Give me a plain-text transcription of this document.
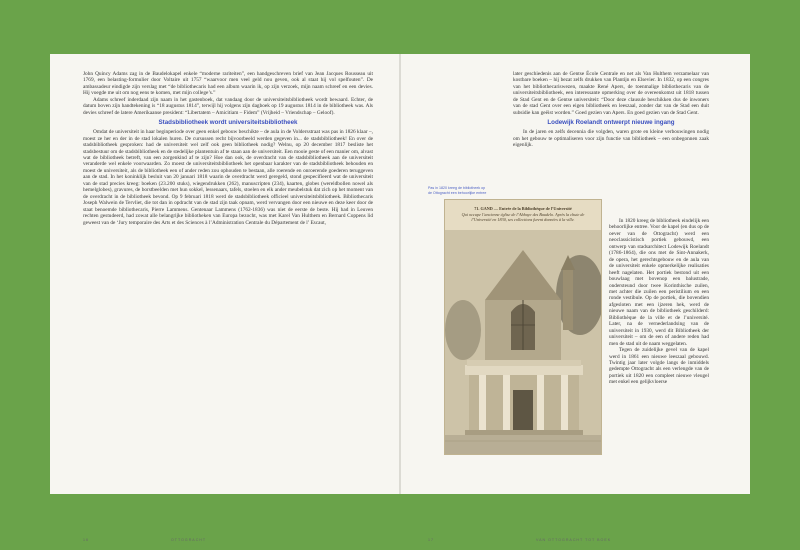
John Quincy Adams zag in de Baudelokapel enkele “moderne rariteiten”, een handgeschreven brief van Jean Jacques Rousseau uit 1769, een belasting-formulier door Voltaire uit 1757 “waarvoor men veel geld nou geven, ook al staat hij vol spelfouten”. De ambassadeur eindigde zijn verslag met “de bibliothecaris had een album waarin ik, op zijn verzoek, mijn naam schreef en een devies. Hij voegde me uit om nog eens te komen, met mijn college’s.”

Adams schreef inderdaad zijn naam in het gastenboek, dat vandaag door de universiteitsbibliotheek wordt bewaard. Echter, de datum boven zijn handtekening is “18 augustus 1814”, terwijl hij volgens zijn dagboek op 19 augustus 1814 in de bibliotheek was. Als devies schreef de latere Amerikaanse president: “Libertatem – Amicitiam – Fidem” (Vrijheid – Vriendschap – Geloof).

Stadsbibliotheek wordt universiteitsbibliotheek

Omdat de universiteit in haar beginperiode over geen enkel gebouw beschikte – de aula in de Voldersstraat was pas in 1826 klaar –, moest ze her en der in de stad lokalen huren. De cursussen recht bijvoorbeeld werden gegeven in... de stadsbibliotheek! En over de stadsbibliotheek gesproken: had de universiteit wel zelf ook geen bibliotheek nodig? Welnu, op 20 december 1817 besliste het stadsbestuur om de stadsbibliotheek en de stedelijke plantentuin af te staan aan de universiteit. Een mooie geste of een manier om, alvast wat de bibliotheek betreft, van een zorgenkind af te zijn? Hoe dan ook, de overdracht van de stadsbibliotheek aan de universiteit veranderde wel enkele voorwaarden. Zo moest de universiteitsbibliotheek het openbaar karakter van de stadsbibliotheek behouden en moest de universiteit, als de bibliotheek een of ander reden zou ophouden te bestaan, alle roerende en onroerende goederen teruggeven aan de stad. In het koninklijk besluit van 20 januari 1818 waarin de overdracht werd geregeld, stond gespecifieerd wat de universiteit van de stad precies kreeg: boeken (23.200 stuks), wiegendrukken (262), manuscripten (234), kaarten, globes (wereldbollen nowel als hemelglobes), gravures, de borstbeelden met hun sokkel, lessenaars, tafels, stoelen en elk ander meubelstuk dat zich op het moment van de overdracht in de bibliotheek bevond. Op 9 februari 1818 werd de stadsbibliotheek officieel universiteitsbibliotheek. Bibliothecaris Joseph Walwein de Tervliet, die tot dan in opdracht van de stad zijn taak opnam, werd vervangen door een nieuwe en deze keer door de staat benoemde bibliothecaris, Pierre Lammens. Gentenaar Lammens (1762-1836) was niet de eerste de beste. Hij had in Leuven rechten gestudeerd, had zowat alle belangrijke bibliotheken van Europa bezocht, was met Karel Van Hulthem en Bernard Coppens lid geweest van de ‘Jury temporaire des Arts et des Sciences à l’Administration Centrale du Département de l’ Escaut,

16	OTTOGRACHT

later geschiedenis aan de Gentse École Centrale en net als Van Hulthem verzamelaar van kostbare boeken – hij bezat zelfs drukken van Plantijn en Elsevier. In 1832, op een congres van het bibliothecariswezen, maakte René Apers, de toenmalige bibliothecaris van de universiteitsbibliotheek, een interessante opmerking over de overeenkomst uit 1818 tussen de Stad Gent en de Gentse universiteit: “Door deze clausule beschikken dus de inwoners van de stad Gent over een eigen bibliotheek en leeszaal, zonder dat van de Stad een duit subsidie kan geëist worden.” Goed gezien van Apers. En goed gezien van de Stad Gent.

Lodewijk Roelandt ontwerpt nieuwe ingang

In de jaren en zelfs decennia die volgden, waren grote en kleine verbouwingen nodig om het gebouw te optimaliseren voor zijn functie van bibliotheek – een onbegonnen zaak eigenlijk.

Pas in 1820 kreeg de bibliotheek op de Ottogracht een behoorlijke entree
71. GAND — Entrée de la Bibliothèque de l’Université
Qui occupe l’ancienne église de l’Abbaye des Baudelo. Après la chute de l’Université en 1830, ses collections furent données à la ville.	In 1820 kreeg de bibliotheek eindelijk een behoorlijke entree. Voor de kapel (en dus op de oever van de Ottogracht) werd een neoclassicistisch portiek gebouwd, een ontwerp van stadsarchitect Lodewijk Roelandt (1786-1864), die ons met de Sint-Annakerk, de opera, het gerechtsgebouw en de aula van de universiteit enkele opmerkelijke realisaties heeft nagelaten. Het portiek bestond uit een bouwlaag met bovenop een balustrade, ondersteund door twee Korinthische zuilen, met achter die zuilen een peristilium en een ronde vestibule. Op de portiek, die bovendien afgesloten met een ijzeren hek, werd de nieuwe naam van de bibliotheek geschilderd: Bibliothèque de la ville et de l’université. Later, na de vernederlandsing van de universiteit in 1930, werd dit Bibliotheek der universiteit – om de een of andere reden had men de stad uit de naam weggelaten.

Tegen de zuidelijke gevel van de kapel werd in 1861 een nieuwe leeszaal gebouwd. Twintig jaar later volgde langs de inmiddels gedempte Ottogracht als een verlengde van de portiek uit 1820 een compleet nieuwe vleugel met enkel een gelijkvloerse

17	VAN OTTOGRACHT TOT BOEK
